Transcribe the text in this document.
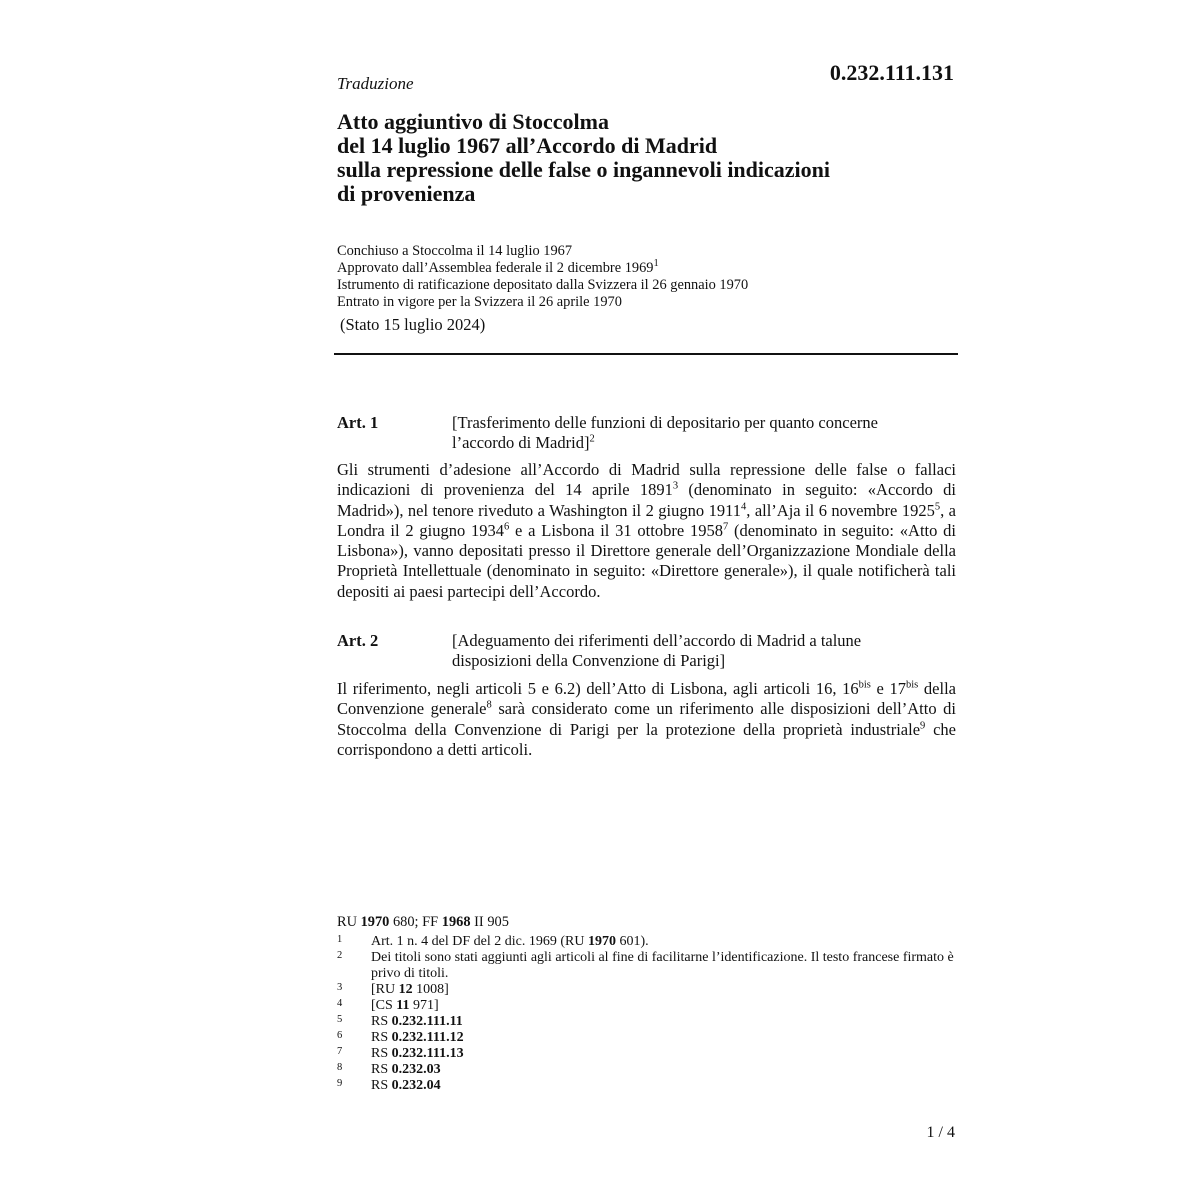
Traduzione	0.232.111.131
Atto aggiuntivo di Stoccolma
del 14 luglio 1967 all’Accordo di Madrid
sulla repressione delle false o ingannevoli indicazioni
di provenienza
Conchiuso a Stoccolma il 14 luglio 1967
Approvato dall’Assemblea federale il 2 dicembre 1969$^1$
Istrumento di ratificazione depositato dalla Svizzera il 26 gennaio 1970
Entrato in vigore per la Svizzera il 26 aprile 1970
(Stato 15 luglio 2024)
Art. 1	[Trasferimento delle funzioni di depositario per quanto concerne
l’accordo di Madrid]$^2$
Gli strumenti d’adesione all’Accordo di Madrid sulla repressione delle false o fallaci indicazioni di provenienza del 14 aprile 1891$^3$ (denominato in seguito: «Accordo di Madrid»), nel tenore riveduto a Washington il 2 giugno 1911$^4$, all’Aja il 6 novembre 1925$^5$, a Londra il 2 giugno 1934$^6$ e a Lisbona il 31 ottobre 1958$^7$ (denominato in seguito: «Atto di Lisbona»), vanno depositati presso il Direttore generale dell’Organizzazione Mondiale della Proprietà Intellettuale (denominato in seguito: «Direttore generale»), il quale notificherà tali depositi ai paesi partecipi dell’Accordo.
Art. 2	[Adeguamento dei riferimenti dell’accordo di Madrid a talune
disposizioni della Convenzione di Parigi]
Il riferimento, negli articoli 5 e 6.2) dell’Atto di Lisbona, agli articoli 16, $16^{bis}$ e $17^{bis}$ della Convenzione generale$^8$ sarà considerato come un riferimento alle disposizioni dell’Atto di Stoccolma della Convenzione di Parigi per la protezione della proprietà industriale$^9$ che corrispondono a detti articoli.
RU 1970 680; FF 1968 II 905
1	Art. 1 n. 4 del DF del 2 dic. 1969 (RU 1970 601).
2	Dei titoli sono stati aggiunti agli articoli al fine di facilitarne l’identificazione. Il testo francese firmato è privo di titoli.
3	[RU 12 1008]
4	[CS 11 971]
5	RS 0.232.111.11
6	RS 0.232.111.12
7	RS 0.232.111.13
8	RS 0.232.03
9	RS 0.232.04
1 / 4
